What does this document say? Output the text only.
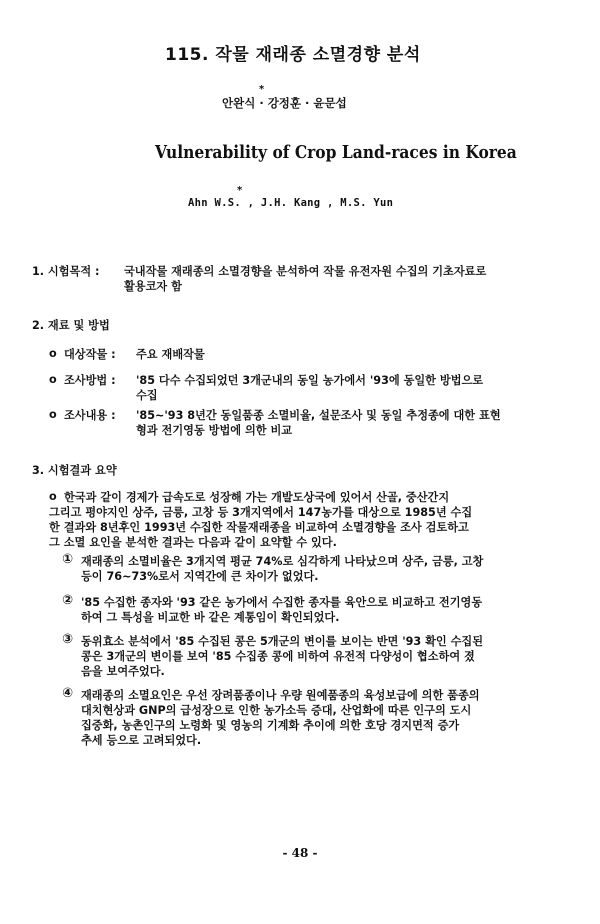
115. 작물 재래종 소멸경향 분석
*
안완식 · 강정훈 · 윤문섭
Vulnerability of Crop Land-races in Korea
*
Ahn W.S. , J.H. Kang , M.S. Yun
1. 시험목적 : 국내작물 재래종의 소멸경향을 분석하여 작물 유전자원 수집의 기초자료로
활용코자 함
2. 재료 및 방법
o 대상작물 : 주요 재배작물
o 조사방법 : '85 다수 수집되었던 3개군내의 동일 농가에서 '93에 동일한 방법으로
수집
o 조사내용 : '85~'93 8년간 동일품종 소멸비율, 설문조사 및 동일 추정종에 대한 표현
형과 전기영동 방법에 의한 비교
3. 시험결과 요약
o 한국과 같이 경제가 급속도로 성장해 가는 개발도상국에 있어서 산골, 중산간지
그리고 평야지인 상주, 금릉, 고창 등 3개지역에서 147농가를 대상으로 1985년 수집
한 결과와 8년후인 1993년 수집한 작물재래종을 비교하여 소멸경향을 조사 검토하고
그 소멸 요인을 분석한 결과는 다음과 같이 요약할 수 있다.
① 재래종의 소멸비율은 3개지역 평균 74%로 심각하게 나타났으며 상주, 금릉, 고창
등이 76~73%로서 지역간에 큰 차이가 없었다.
② '85 수집한 종자와 '93 같은 농가에서 수집한 종자를 육안으로 비교하고 전기영동
하여 그 특성을 비교한 바 같은 계통임이 확인되었다.
③ 동위효소 분석에서 '85 수집된 콩은 5개군의 변이를 보이는 반면 '93 확인 수집된
콩은 3개군의 변이를 보여 '85 수집종 콩에 비하여 유전적 다양성이 협소하여 졌
음을 보여주었다.
④ 재래종의 소멸요인은 우선 장려품종이나 우량 원예품종의 육성보급에 의한 품종의
대치현상과 GNP의 급성장으로 인한 농가소득 증대, 산업화에 따른 인구의 도시
집중화, 농촌인구의 노령화 및 영농의 기계화 추이에 의한 호당 경지면적 증가
추세 등으로 고려되었다.
- 48 -
